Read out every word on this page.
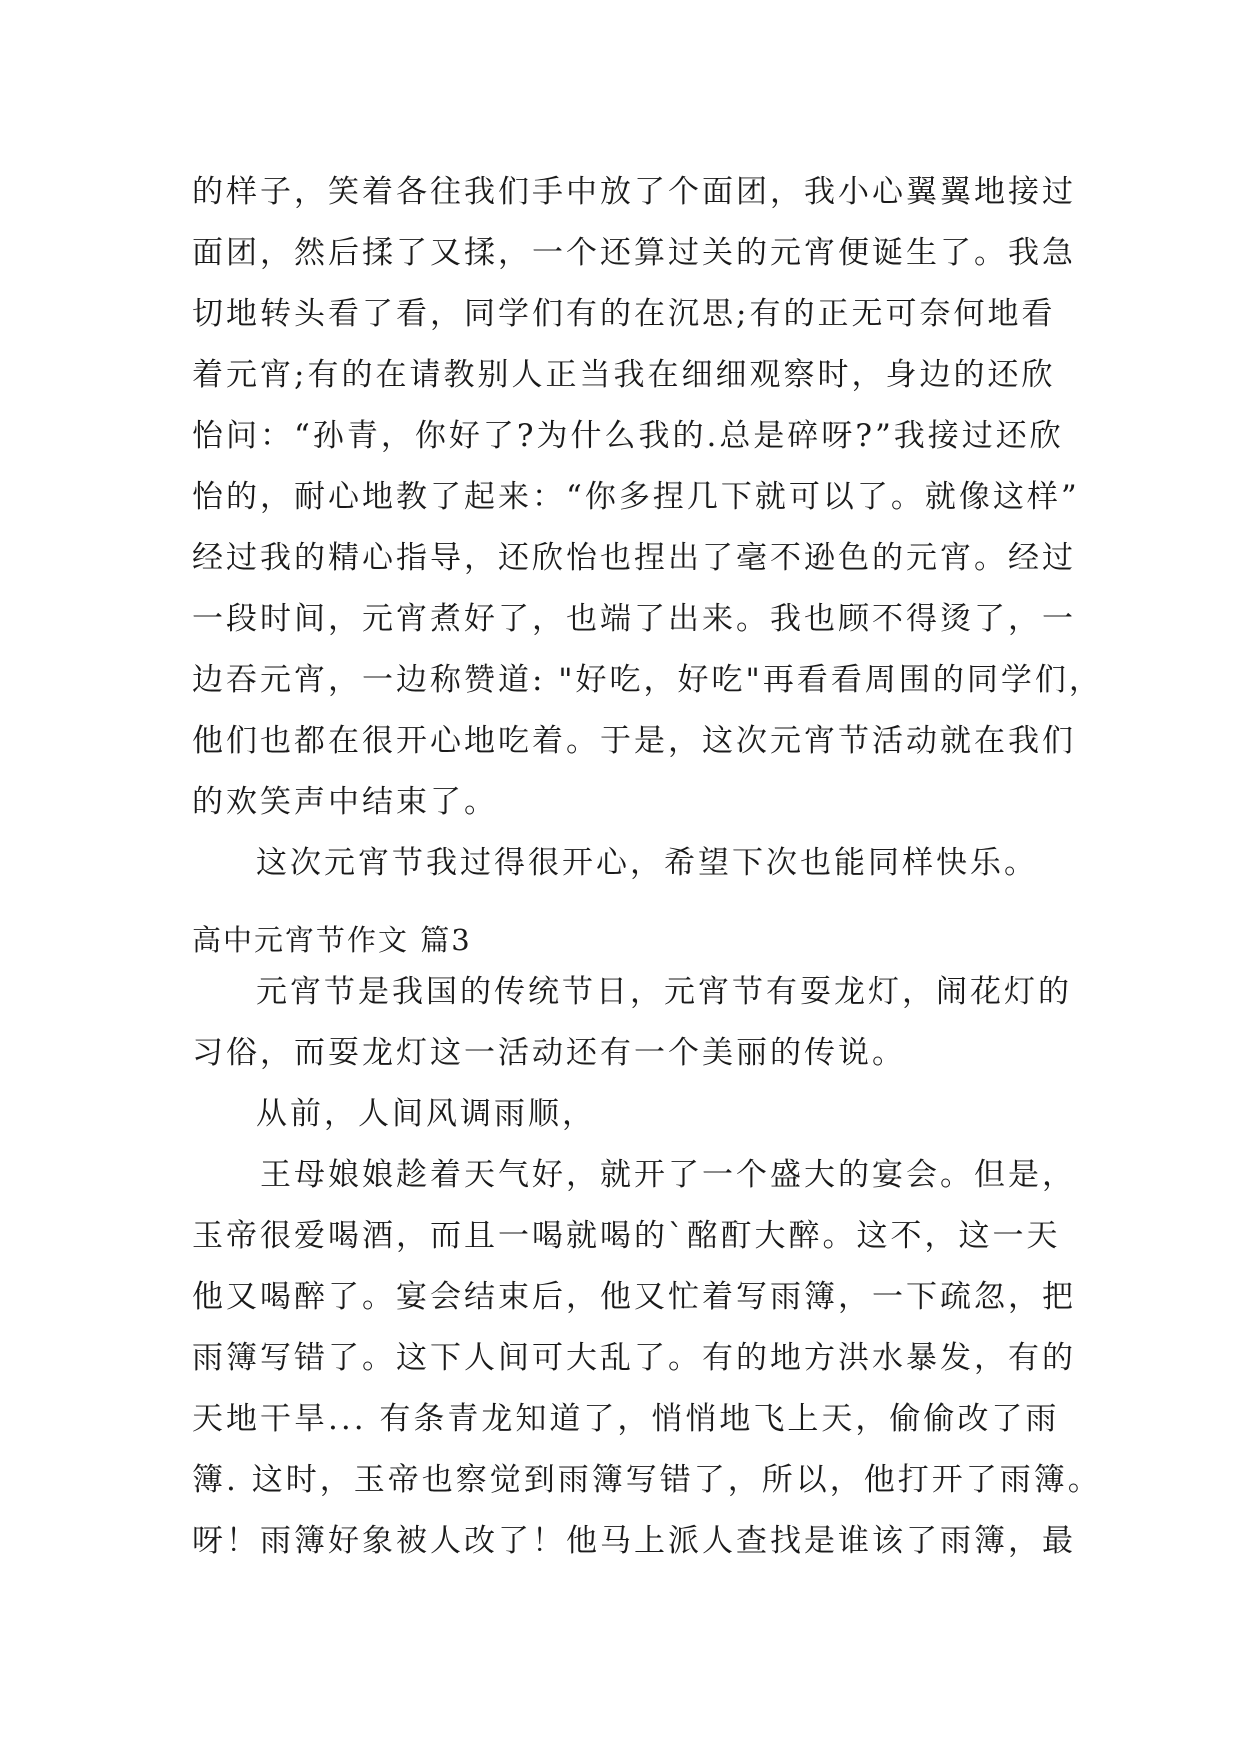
的样子，笑着各往我们手中放了个面团，我小心翼翼地接过
面团，然后揉了又揉，一个还算过关的元宵便诞生了。我急
切地转头看了看，同学们有的在沉思;有的正无可奈何地看
着元宵;有的在请教别人正当我在细细观察时，身边的还欣
怡问：“孙青，你好了?为什么我的.总是碎呀?”我接过还欣
怡的，耐心地教了起来：“你多捏几下就可以了。就像这样”
经过我的精心指导，还欣怡也捏出了毫不逊色的元宵。经过
一段时间，元宵煮好了，也端了出来。我也顾不得烫了，一
边吞元宵，一边称赞道: "好吃，好吃"再看看周围的同学们，
他们也都在很开心地吃着。于是，这次元宵节活动就在我们
的欢笑声中结束了。
这次元宵节我过得很开心，希望下次也能同样快乐。
高中元宵节作文 篇3
元宵节是我国的传统节日，元宵节有耍龙灯，闹花灯的
习俗，而耍龙灯这一活动还有一个美丽的传说。
从前，人间风调雨顺，
王母娘娘趁着天气好，就开了一个盛大的宴会。但是，
玉帝很爱喝酒，而且一喝就喝的`酩酊大醉。这不，这一天
他又喝醉了。宴会结束后，他又忙着写雨簿，一下疏忽，把
雨簿写错了。这下人间可大乱了。有的地方洪水暴发，有的
天地干旱... 有条青龙知道了，悄悄地飞上天，偷偷改了雨
簿. 这时，玉帝也察觉到雨簿写错了，所以，他打开了雨簿。
呀！雨簿好象被人改了！他马上派人查找是谁该了雨簿，最
